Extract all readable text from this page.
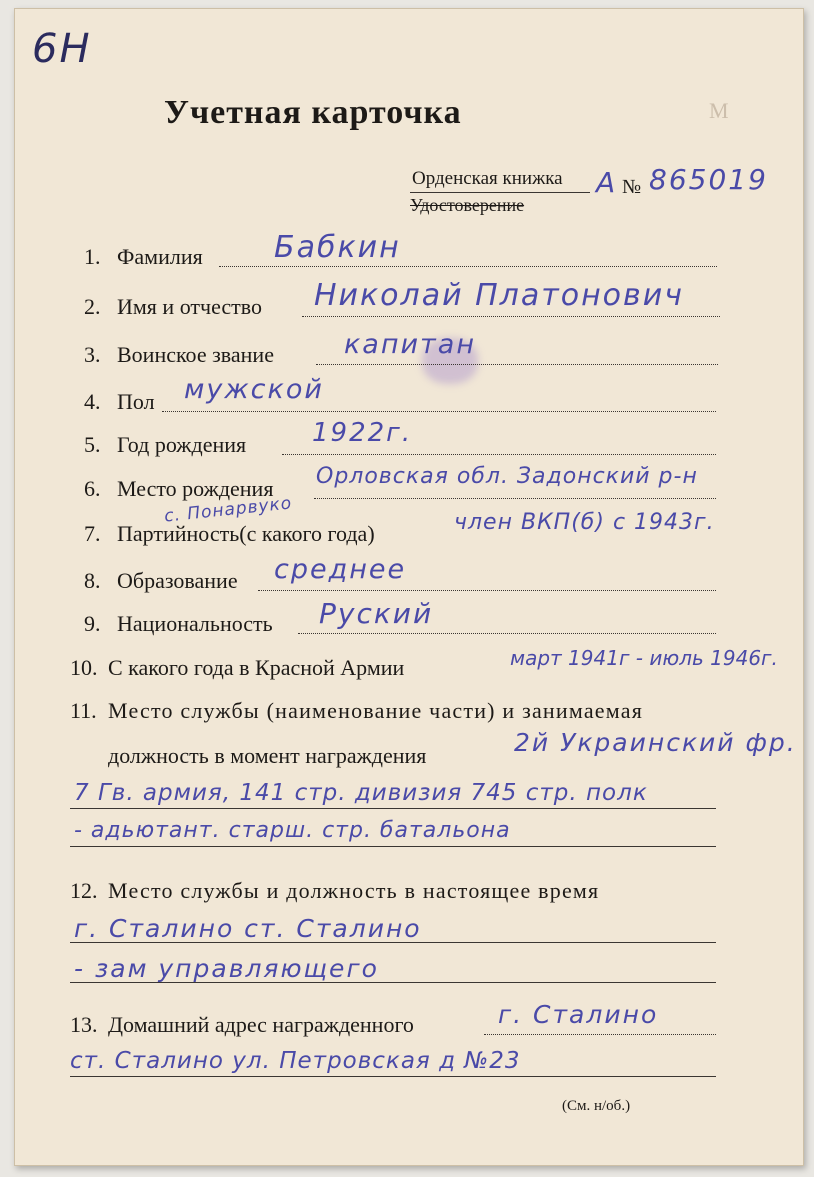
6Н
М
Учетная карточка
Орденская книжка А
Удостоверение
№ 865019
1. Фамилия Бабкин
2. Имя и отчество Николай Платонович
3. Воинское звание	капитан
4. Пол мужской
5. Год рождения	1922г.
6. Место рождения Орловская обл. Задонский р-н
с. Понарвуко
7. Партийность(с какого года)	член ВКП(б) с 1943г.
8. Образование среднее
9. Национальность Руский
10. С какого года в Красной Армии	март 1941г - июль 1946г.
11. Место службы (наименование части) и занимаемая
должность в момент награждения	2й Украинский фр.
7 Гв. армия, 141 стр. дивизия 745 стр. полк
- адьютант. старш. стр. батальона
12. Место службы и должность в настоящее время
г. Сталино ст. Сталино
- зам управляющего
13. Домашний адрес награжденного	г. Сталино
ст. Сталино ул. Петровская д №23
(См. н/об.)
